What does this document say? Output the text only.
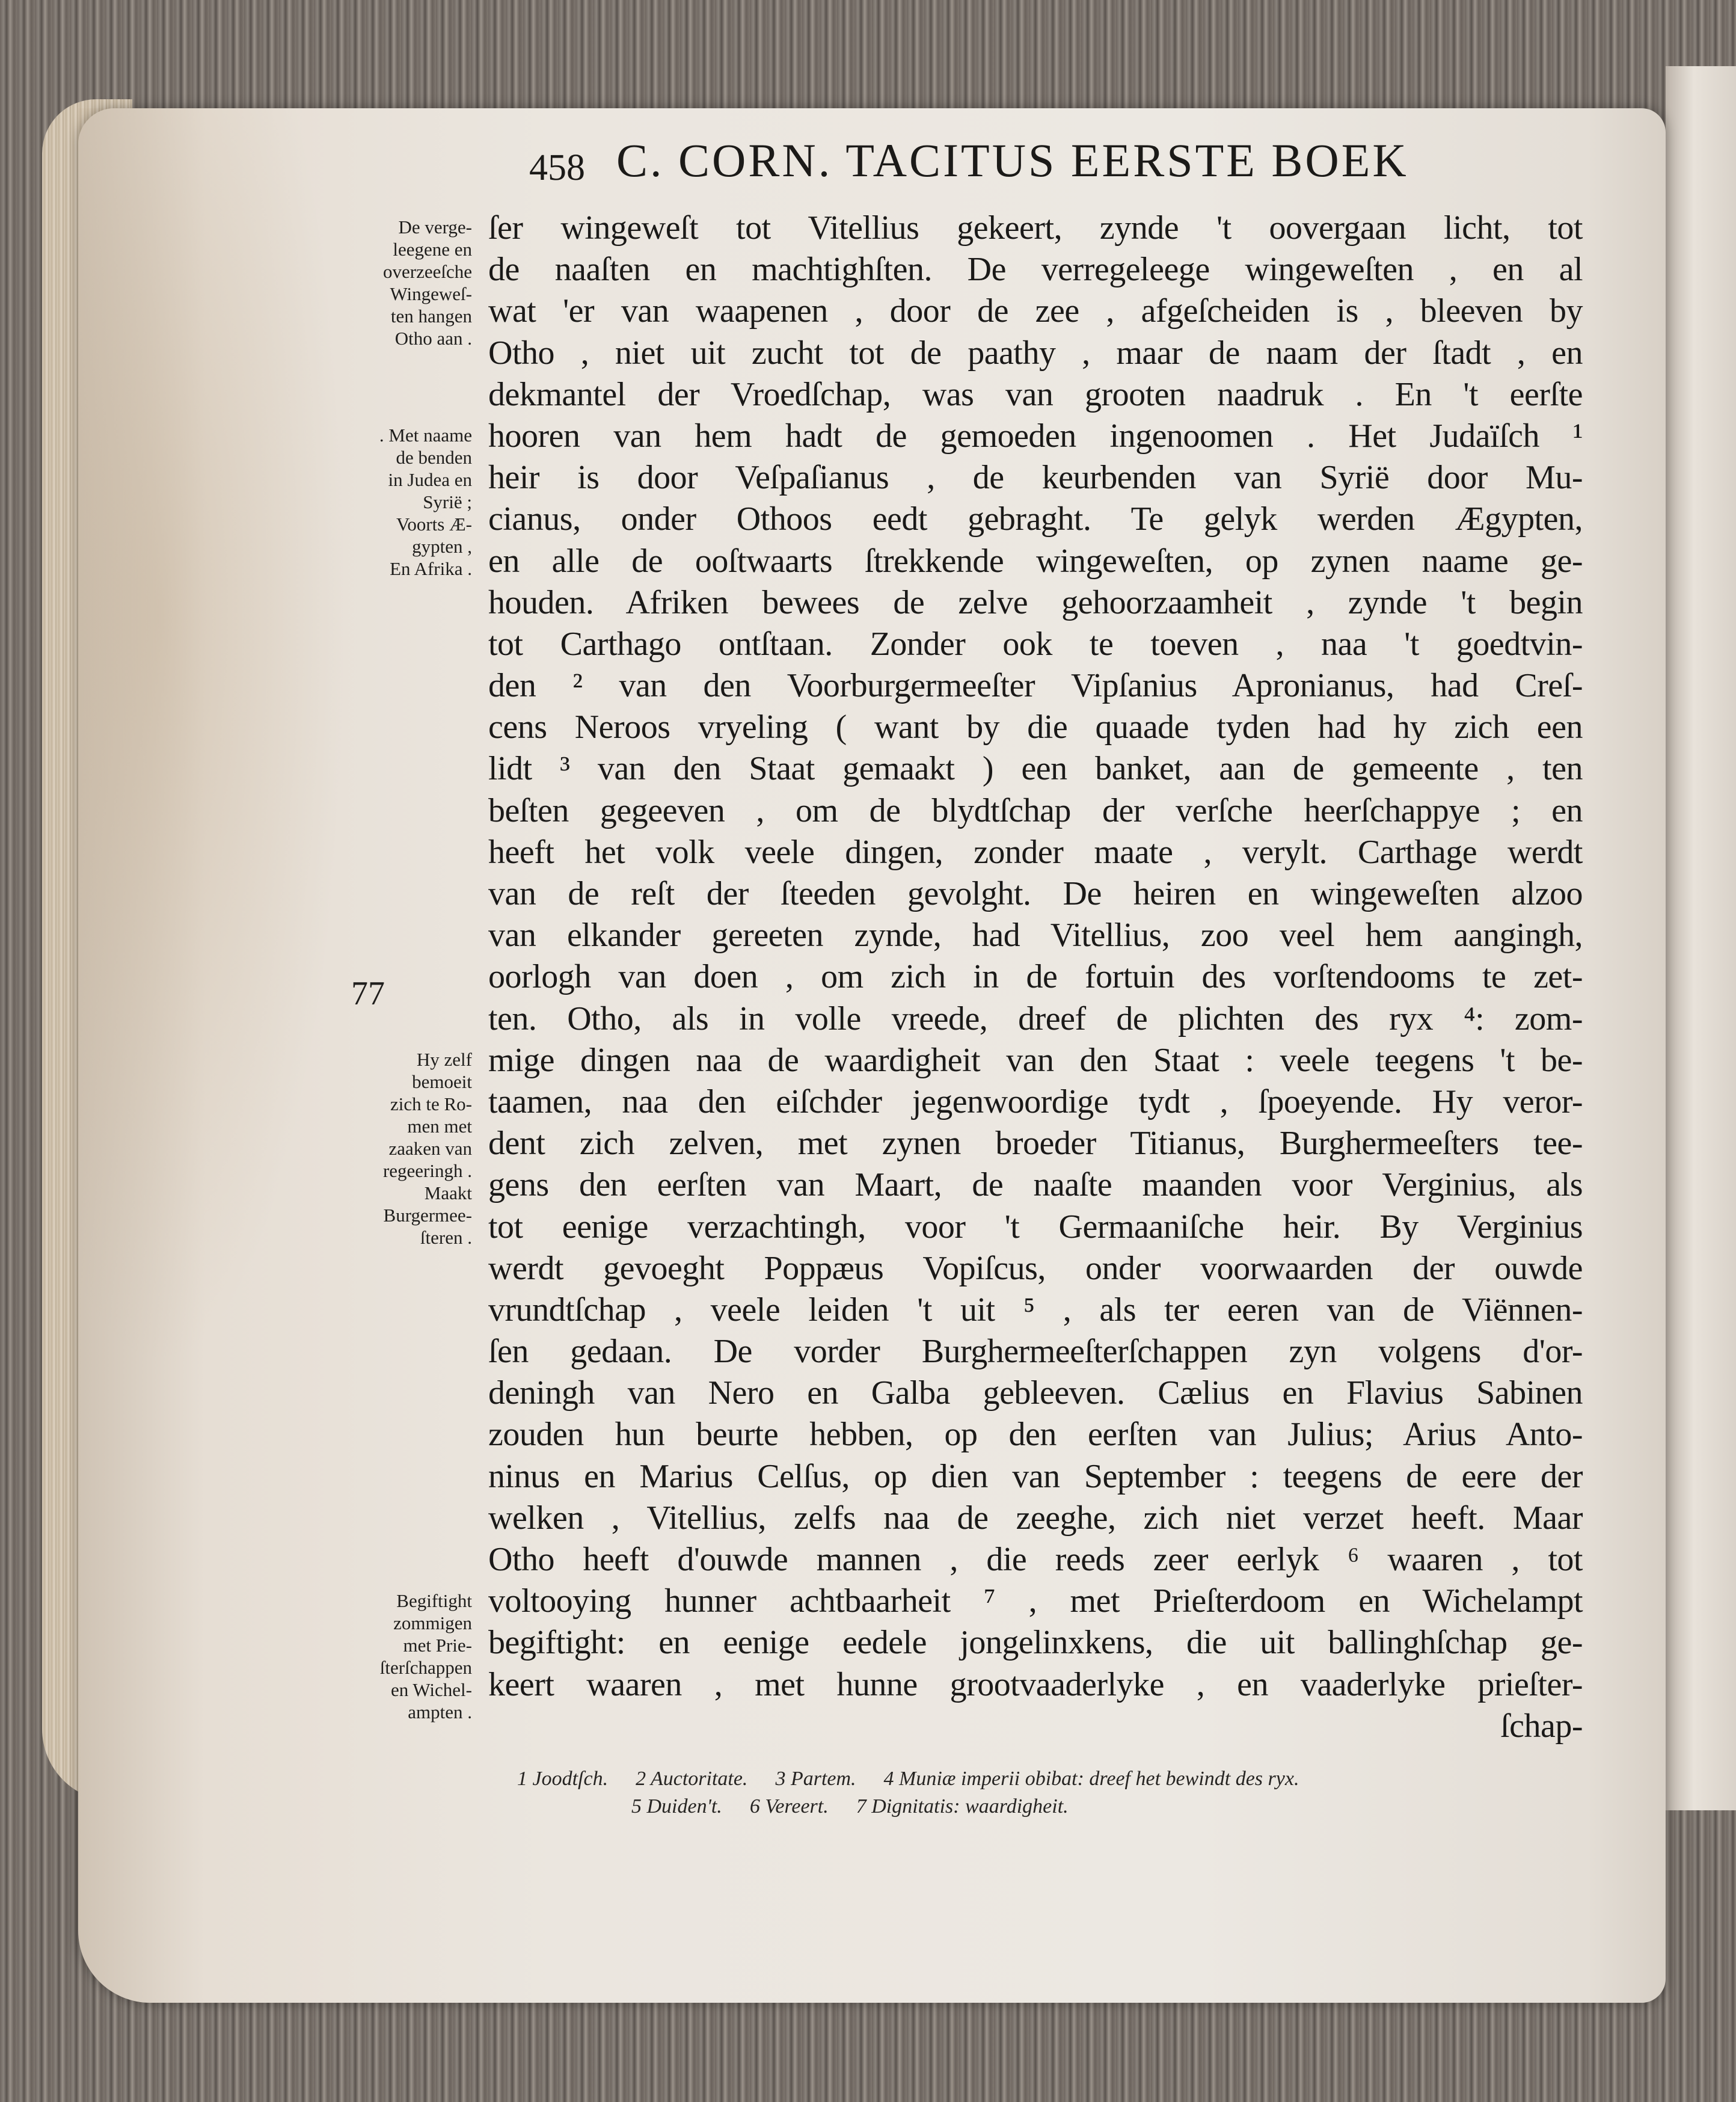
458 C. CORN. TACITUS EERSTE BOEK
De verge-
leegene en
overzeeſche
Wingeweſ-
ten hangen
Otho aan .
. Met naame
de benden
in Judea en
Syrië ;
Voorts Æ-
gypten ,
En Afrika .
Hy zelf
bemoeit
zich te Ro-
men met
zaaken van
regeeringh .
Maakt
Burgermee-
ſteren .
Begiftight
zommigen
met Prie-
ſterſchappen
en Wichel-
ampten .
77
ſer wingeweſt tot Vitellius gekeert, zynde 't oovergaan licht, tot
de naaſten en machtighſten. De verregeleege wingeweſten , en al
wat 'er van waapenen , door de zee , afgeſcheiden is , bleeven by
Otho , niet uit zucht tot de paathy , maar de naam der ſtadt , en
dekmantel der Vroedſchap, was van grooten naadruk . En 't eerſte
hooren van hem hadt de gemoeden ingenoomen . Het Judaïſch ¹
heir is door Veſpaſianus , de keurbenden van Syrië door Mu-
cianus, onder Othoos eedt gebraght. Te gelyk werden Ægypten,
en alle de ooſtwaarts ſtrekkende wingeweſten, op zynen naame ge-
houden. Afriken bewees de zelve gehoorzaamheit , zynde 't begin
tot Carthago ontſtaan. Zonder ook te toeven , naa 't goedtvin-
den ² van den Voorburgermeeſter Vipſanius Apronianus, had Creſ-
cens Neroos vryeling ( want by die quaade tyden had hy zich een
lidt ³ van den Staat gemaakt ) een banket, aan de gemeente , ten
beſten gegeeven , om de blydtſchap der verſche heerſchappye ; en
heeft het volk veele dingen, zonder maate , verylt. Carthage werdt
van de reſt der ſteeden gevolght. De heiren en wingeweſten alzoo
van elkander gereeten zynde, had Vitellius, zoo veel hem aangingh,
oorlogh van doen , om zich in de fortuin des vorſtendooms te zet-
ten. Otho, als in volle vreede, dreef de plichten des ryx ⁴: zom-
mige dingen naa de waardigheit van den Staat : veele teegens 't be-
taamen, naa den eiſchder jegenwoordige tydt , ſpoeyende. Hy veror-
dent zich zelven, met zynen broeder Titianus, Burghermeeſters tee-
gens den eerſten van Maart, de naaſte maanden voor Verginius, als
tot eenige verzachtingh, voor 't Germaaniſche heir. By Verginius
werdt gevoeght Poppæus Vopiſcus, onder voorwaarden der ouwde
vrundtſchap , veele leiden 't uit ⁵ , als ter eeren van de Viënnen-
ſen gedaan. De vorder Burghermeeſterſchappen zyn volgens d'or-
deningh van Nero en Galba gebleeven. Cælius en Flavius Sabinen
zouden hun beurte hebben, op den eerſten van Julius; Arius Anto-
ninus en Marius Celſus, op dien van September : teegens de eere der
welken , Vitellius, zelfs naa de zeeghe, zich niet verzet heeft. Maar
Otho heeft d'ouwde mannen , die reeds zeer eerlyk ⁶ waaren , tot
voltooying hunner achtbaarheit ⁷ , met Prieſterdoom en Wichelampt
begiftight: en eenige eedele jongelinxkens, die uit ballinghſchap ge-
keert waaren , met hunne grootvaaderlyke , en vaaderlyke prieſter-
ſchap-
1 Joodtſch. 2 Auctoritate. 3 Partem. 4 Muniæ imperii obibat: dreef het bewindt des ryx.
5 Duiden't. 6 Vereert. 7 Dignitatis: waardigheit.
